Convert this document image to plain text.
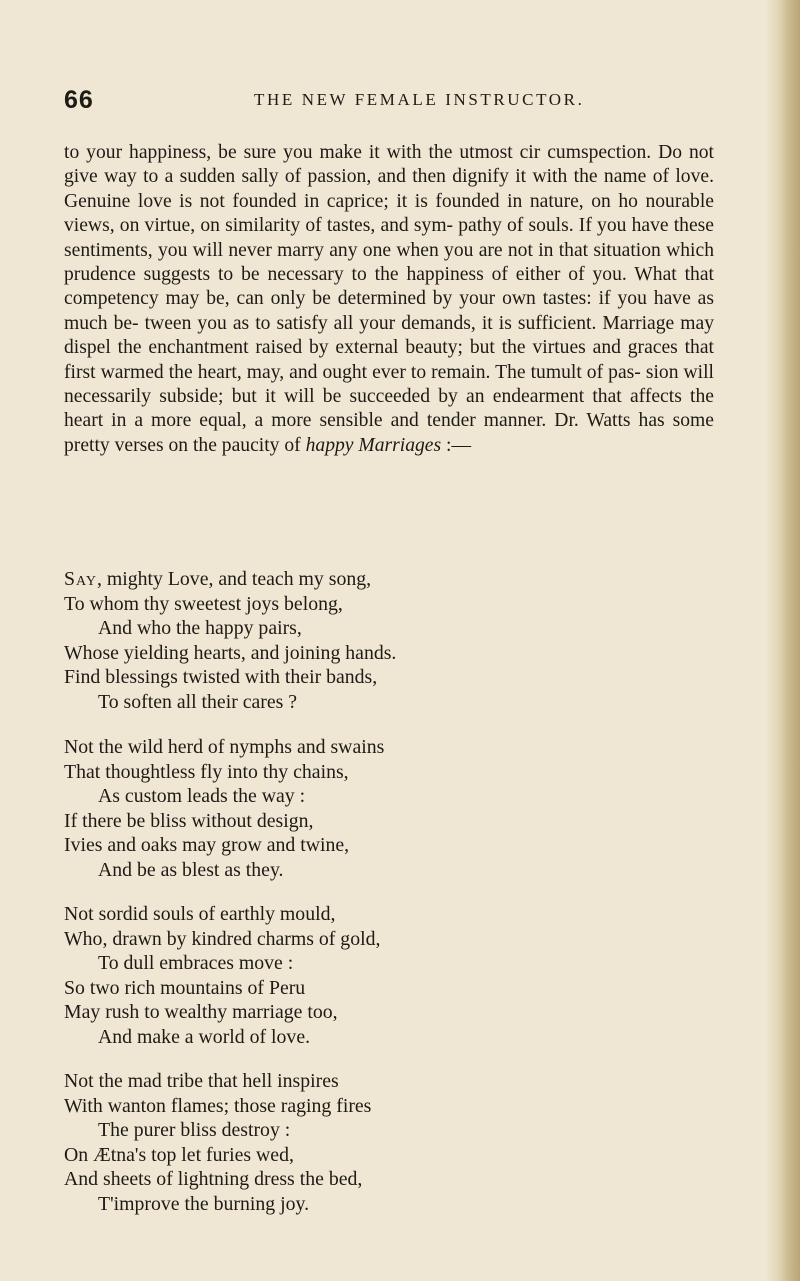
66	THE NEW FEMALE INSTRUCTOR.

to your happiness, be sure you make it with the utmost cir cumspection. Do not give way to a sudden sally of passion, and then dignify it with the name of love. Genuine love is not founded in caprice; it is founded in nature, on ho nourable views, on virtue, on similarity of tastes, and sym- pathy of souls. If you have these sentiments, you will never marry any one when you are not in that situation which prudence suggests to be necessary to the happiness of either of you. What that competency may be, can only be determined by your own tastes: if you have as much be- tween you as to satisfy all your demands, it is sufficient. Marriage may dispel the enchantment raised by external beauty; but the virtues and graces that first warmed the heart, may, and ought ever to remain. The tumult of pas- sion will necessarily subside; but it will be succeeded by an endearment that affects the heart in a more equal, a more sensible and tender manner. Dr. Watts has some pretty verses on the paucity of happy Marriages :—

Say, mighty Love, and teach my song,
To whom thy sweetest joys belong,
And who the happy pairs,
Whose yielding hearts, and joining hands.
Find blessings twisted with their bands,
To soften all their cares ?
Not the wild herd of nymphs and swains
That thoughtless fly into thy chains,
As custom leads the way :
If there be bliss without design,
Ivies and oaks may grow and twine,
And be as blest as they.
Not sordid souls of earthly mould,
Who, drawn by kindred charms of gold,
To dull embraces move :
So two rich mountains of Peru
May rush to wealthy marriage too,
And make a world of love.
Not the mad tribe that hell inspires
With wanton flames; those raging fires
The purer bliss destroy :
On Ætna's top let furies wed,
And sheets of lightning dress the bed,
T'improve the burning joy.
